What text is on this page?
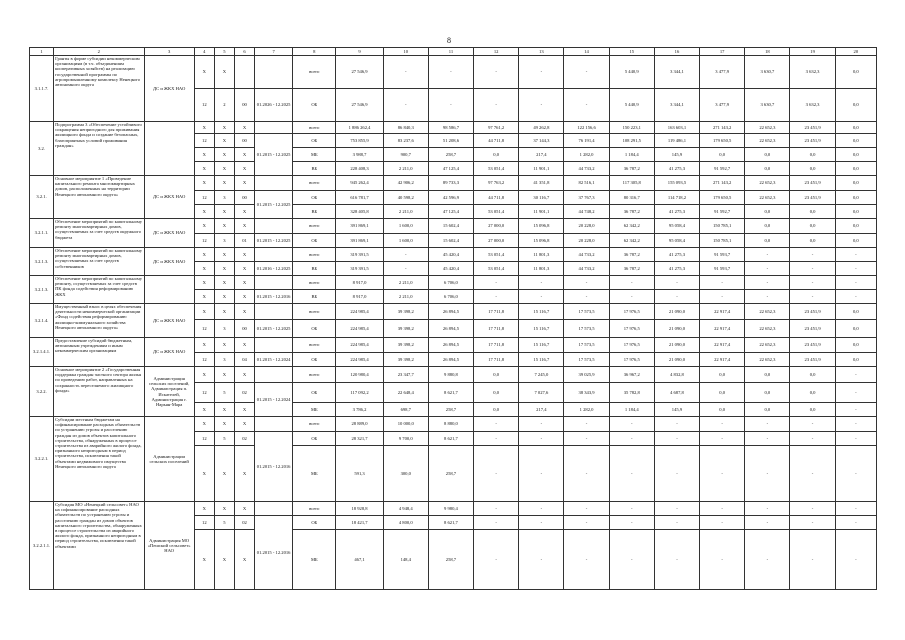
8
1	2	3	4	5	6	7	8	9	10	11	12	13	14	15	16	17	18	19	20
3.1.1.7.	Гранты в форме субсидии некоммерческим организациям (в т.ч. объединениям кооперативных хозяйств) на реализацию государственной программы по агропромышленному комплексу Ненецкого автономного округа	ДС и ЖКХ НАО	X	X			всего	27 546,9	-	-	-	-	-	5 440,9	3 344,1	3 477,9	3 630,7	3 632,3	0,0
			12	2	00	01.2026 - 12.2025	ОБ	27 546,9	-	-	-	-	-	5 440,9	3 344,1	3 477,9	3 630,7	3 632,3	0,0
3.2.	Подпрограмма 3 «Обеспечение устойчивого сокращения непригодного для проживания жилищного фонда и создание безопасных, благоприятных условий проживания граждан»		X	X	X		всего	1 886 262,4	86 840,3	98 586,7	97 761,2	49 262,8	122 156,6	150 223,1	163 603,1	271 143,2	22 652,3	23 451,9	0,0
			12	X	00	01.2015 - 12.2025	ОБ	753 855,9	83 237,6	51 208,6	44 711,8	37 144,3	76 191,4	108 291,5	119 486,1	179 650,5	22 652,3	23 451,9	0,0
			X	X	X		МБ	3 988,7	900,7	258,7	0,0	217,4	1 282,0	1 184,4	145,9	0,0	0,0	0,0	0,0
			X	X	X		ВБ	228 408,3	2 211,0	47 125,4	53 051,4	11 901,1	44 733,2	36 787,2	41 275,3	91 592,7	0,0	0,0	0,0
3.2.1.	Основное мероприятие 1 «Проведение капитального ремонта многоквартирных домов, расположенных на территории Ненецкого автономного округа»	ДС и ЖКХ НАО	X	X	X		всего	945 262,4	42 906,2	89 733,3	97 763,2	41 351,8	82 516,1	117 305,8	155 093,5	271 143,2	22 652,3	23 451,9	0,0
			12	3	00	01.2015 - 12.2025	ОБ	616 781,7	40 598,2	42 596,9	44 711,8	30 116,7	37 767,3	80 316,7	114 718,2	179 650,5	22 652,3	23 451,9	0,0
			X	X	X		ВБ	328 405,8	2 211,0	47 125,4	53 051,4	11 901,1	44 748,2	36 787,2	41 275,3	91 592,7	0,0	0,0	0,0
3.2.1.1.	Обеспечение мероприятий по капитальному ремонту многоквартирных домов, осуществляемых за счет средств окружного бюджета	ДС и ЖКХ НАО	X	X	X		всего	391 869,1	1 600,0	15 602,4	27 000,0	15 096,8	20 228,0	62 342,2	95 058,4	150 785,1	0,0	0,0	0,0
			12	3	01	01.2015 - 12.2025	ОБ	391 869,1	1 600,0	15 602,4	27 000,0	15 096,8	20 228,0	62 342,2	95 058,4	150 785,1	0,0	0,0	0,0
3.2.1.3.	Обеспечение мероприятий по капитальному ремонту многоквартирных домов, осуществляемых за счет средств собственников	ДС и ЖКХ НАО	X	X	X		всего	319 391,5	-	45 420,4	53 051,4	11 801,3	44 733,2	36 787,2	41 275,3	91 593,7	-	-	-
			X	X	X	01.2016 - 12.2025	ВБ	319 391,5	-	45 420,4	53 051,4	11 801,3	44 733,2	36 787,2	41 275,3	91 593,7	-	-	-
3.2.1.3.	Обеспечение мероприятий по капитальному ремонту, осуществляемых за счет средств ПК фонда содействия реформированию ЖКХ		X	X	X		всего	8 917,0	2 211,0	6 706,0	-	-	-	-	-	-	-	-	-
			X	X	X	01.2015 - 12.2016	ВБ	8 917,0	2 211,0	6 706,0	-	-	-	-	-	-	-	-	-
3.2.1.4.	Имущественный взнос в целях обеспечения деятельности некоммерческой организации «Фонд содействия реформированию жилищно-коммунального хозяйства Ненецкого автономного округа»	ДС и ЖКХ НАО	X	X	X		всего	224 985,4	39 398,2	26 894,5	17 711,8	15 116,7	17 573,5	17 976,5	21 090,0	22 917,4	22 652,3	23 451,9	0,0
			12	3	00	01.2015 - 12.2025	ОБ	224 985,4	39 398,2	26 894,5	17 711,8	15 116,7	17 573,5	17 976,5	21 090,0	22 917,4	22 652,3	23 451,9	0,0
3.2.1.4.1.	Предоставление субсидий бюджетным, автономным учреждениям и иным некоммерческим организациям	ДС и ЖКХ НАО	X	X	X		всего	224 985,4	39 398,2	26 894,5	17 711,8	15 116,7	17 573,5	17 976,5	21 090,0	22 917,4	22 652,3	23 451,9	0,0
			12	3	04	01.2015 - 12.2024	ОБ	224 985,4	39 398,2	26 894,5	17 711,8	15 116,7	17 573,5	17 976,5	21 090,0	22 917,4	22 652,3	23 451,9	0,0
3.2.2.	Основное мероприятие 2 «Государственная поддержка граждан частного сектора жилья по проведению работ, направленных на сохранность переселяемого жилищного фонда»	Администрация сельских поселений, Администрация п. Искателей, Администрация г. Нарьян-Мара	X	X	X		всего	120 980,4	23 347,7	9 880,8	0,0	7 245,0	39 025,9	36 967,2	4 832,8	0,0	0,0	0,0	-
			12	5	02	01.2015 - 12.2024	ОБ	117 092,2	22 648,4	8 621,7	0,0	7 027,6	38 343,9	35 782,8	4 687,8	0,0	0,0	0,0	-
			X	X	X		МБ	3 786,2	698,7	258,7	0,0	217,4	1 282,0	1 184,4	145,9	0,0	0,0	0,0	-
3.2.2.1.	Субсидии местным бюджетам на софинансирование расходных обязательств по устранению угрозы и расселению граждан из домов объектов капитального строительства, обнаруженных в процессе строительства из аварийного жилого фонда, признанного непригодным в период строительства, исключения такой объектами недвижимого имущества Ненецкого автономного округа	Администрации сельских поселений	X	X	X		всего	28 889,0	10 000,0	8 880,0	-	-	-	-	-	-	-	-	-
			12	5	02	01.2015 - 12.2016	ОБ	28 321,7	9 700,0	8 621,7	-	-	-	-	-	-	-	-	-
			X	X	X		МБ	591,3	300,0	258,7	-	-	-	-	-	-	-	-	-
3.2.2.1.1.	Субсидия МО «Ненецкий сельсовет» НАО на софинансирование расходных обязательств по устранению угрозы и расселению граждан из домов объектов капитального строительства, обнаруженных в процессе строительства из аварийного жилого фонда, признанного непригодным в период строительства, исключения такой объектами	Администрация МО «Пешский сельсовет» НАО	X	X	X		всего	18 928,8	4 948,4	9 980,4	-	-	-	-	-	-	-	-	-
			12	5	02	01.2015 - 12.2016	ОБ	18 421,7	4 800,0	8 621,7	-	-	-	-	-	-	-	-	-
			X	X	X		МБ	467,1	148,4	258,7	-	-	-	-	-	-	-	-	-
